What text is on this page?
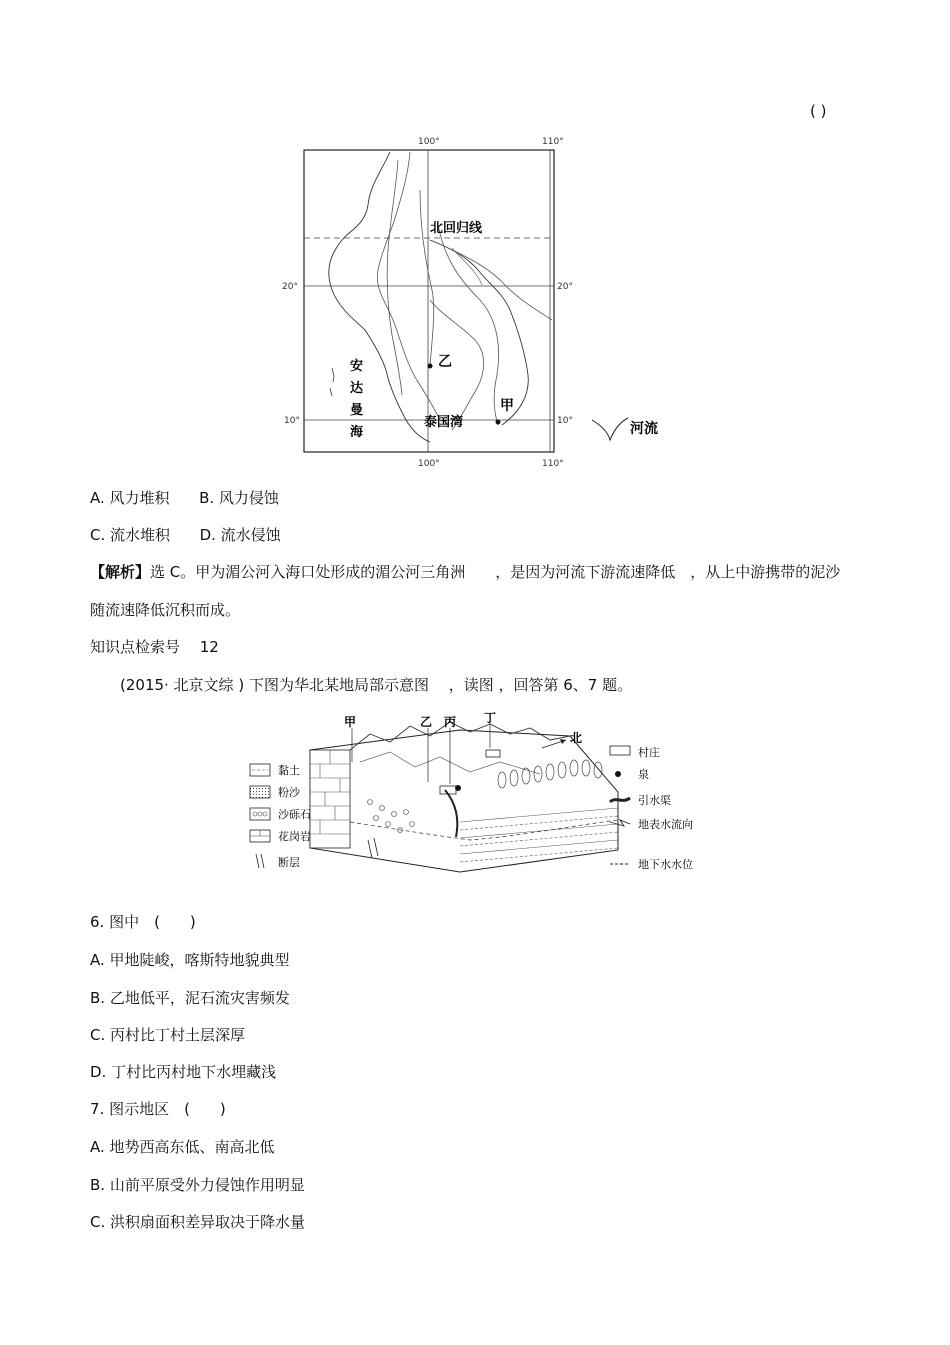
( )
100°	110°
100°	110°
20°	20°
10°	10°
北回归线
安
达
曼
海
泰国湾
乙
甲
河流
A. 风力堆积 B. 风力侵蚀
C. 流水堆积 D. 流水侵蚀
【解析】选 C。甲为湄公河入海口处形成的湄公河三角洲　　，是因为河流下游流速降低　，从上中游携带的泥沙
随流速降低沉积而成。
知识点检索号　 12
(2015· 北京文综 ) 下图为华北某地局部示意图　 ，读图 ，回答第 6、7 题。
甲	乙 丙 丁
北
黏土
粉沙
沙砾石
花岗岩
断层
村庄
泉
引水渠
地表水流向
地下水水位
6. 图中　(　　)
A. 甲地陡峻，喀斯特地貌典型
B. 乙地低平，泥石流灾害频发
C. 丙村比丁村土层深厚
D. 丁村比丙村地下水埋藏浅
7. 图示地区　(　　)
A. 地势西高东低、南高北低
B. 山前平原受外力侵蚀作用明显
C. 洪积扇面积差异取决于降水量
